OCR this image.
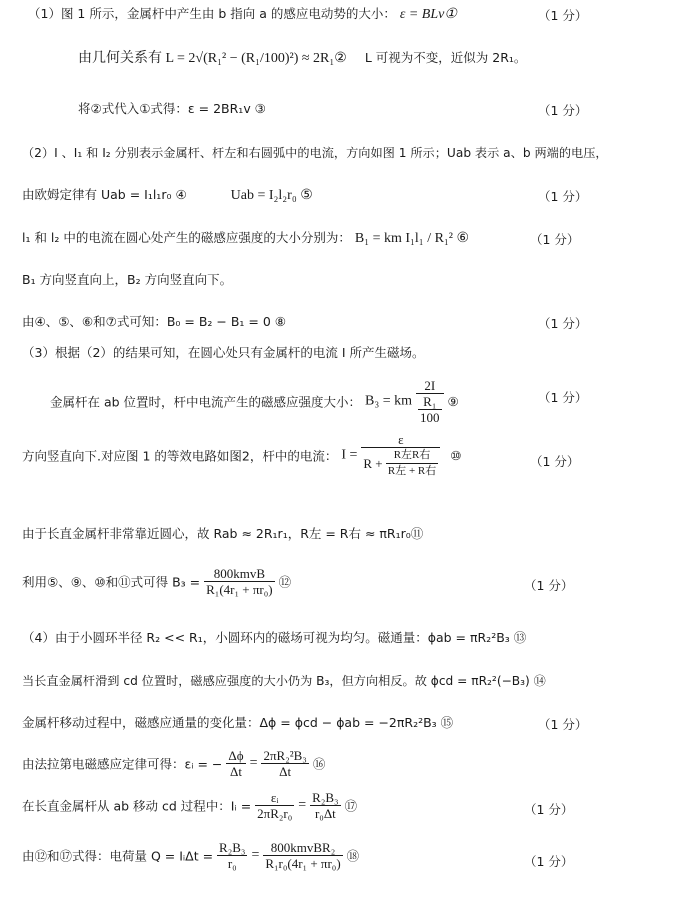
（1）图 1 所示，金属杆中产生由 b 指向 a 的感应电动势的大小： ε = BLv①	（1 分）
由几何关系有 L = 2√(R₁² − (R₁/100)²) ≈ 2R₁② L 可视为不变，近似为 2R₁。
将②式代入①式得：ε = 2BR₁v ③	（1 分）
（2）I 、I₁ 和 I₂ 分别表示金属杆、杆左和右圆弧中的电流，方向如图 1 所示；Uab 表示 a、b 两端的电压，
由欧姆定律有 Uab = I₁l₁r₀ ④	Uab = I₂l₂r₀ ⑤	（1 分）
l₁ 和 l₂ 中的电流在圆心处产生的磁感应强度的大小分别为： B₁ = km I₁l₁ / R₁² ⑥	（1 分）
B₁ 方向竖直向上，B₂ 方向竖直向下。
由④、⑤、⑥和⑦式可知：B₀ = B₂ − B₁ = 0 ⑧	（1 分）
（3）根据（2）的结果可知，在圆心处只有金属杆的电流 I 所产生磁场。
金属杆在 ab 位置时，杆中电流产生的磁感应强度大小： B₃ = km $\frac{2I}{\frac{\text{R₁}}{100}}$ ⑨	（1 分）
方向竖直向下.对应图 1 的等效电路如图2，杆中的电流： $I = \frac{\varepsilon}{R + \frac{\text{R左R右}}{\text{R左 + R右}}}$ ⑩	（1 分）
由于长直金属杆非常靠近圆心，故 Rab ≈ 2R₁r₁，R左 = R右 ≈ πR₁r₀⑪
利用⑤、⑨、⑩和⑪式可得 $B_3 = \frac{\text{800kmvB}}{\text{R₁(4r₁ + πr₀)}}$ ⑫	（1 分）
（4）由于小圆环半径 R₂ << R₁，小圆环内的磁场可视为均匀。磁通量：ϕab = πR₂²B₃ ⑬
当长直金属杆滑到 cd 位置时，磁感应强度的大小仍为 B₃，但方向相反。故 ϕcd = πR₂²(−B₃) ⑭
金属杆移动过程中，磁感应通量的变化量：Δϕ = ϕcd − ϕab = −2πR₂²B₃ ⑮	（1 分）
由法拉第电磁感应定律可得：εᵢ = − $\frac{\Delta\phi}{\Delta t} = \frac{\text{2πR₂²B₃}}{\Delta t}$ ⑯
在长直金属杆从 ab 移动 cd 过程中：Iᵢ = $\frac{\text{εᵢ}}{\text{2πR₂r₀}} = \frac{\text{R₂B₃}}{\text{r₀Δt}}$ ⑰	（1 分）
由⑫和⑰式得：电荷量 Q = IᵢΔt = $\frac{\text{R₂B₃}}{\text{r₀}} = \frac{\text{800kmvBR₂}}{\text{R₁r₀(4r₁ + πr₀)}}$ ⑱	（1 分）
